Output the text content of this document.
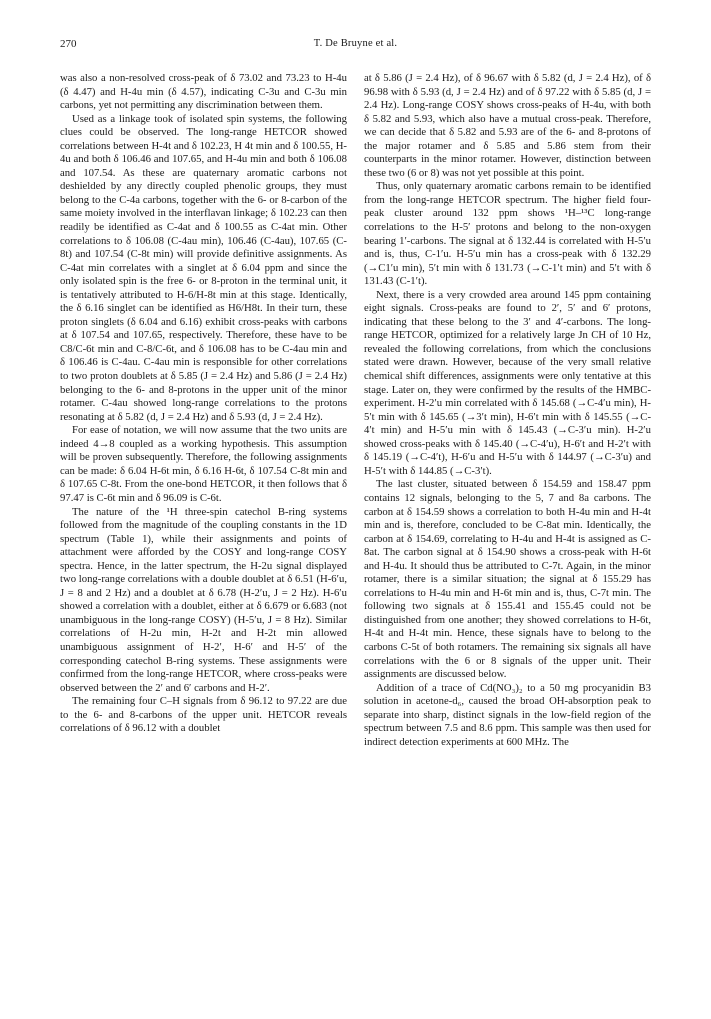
270	T. De Bruyne et al.

was also a non-resolved cross-peak of δ 73.02 and 73.23 to H-4u (δ 4.47) and H-4u min (δ 4.57), indicating C-3u and C-3u min carbons, yet not permitting any discrimination between them.

Used as a linkage took of isolated spin systems, the following clues could be observed. The long-range HETCOR showed correlations between H-4t and δ 102.23, H 4t min and δ 100.55, H-4u and both δ 106.46 and 107.65, and H-4u min and both δ 106.08 and 107.54. As these are quaternary aromatic carbons not deshielded by any directly coupled phenolic groups, they must belong to the C-4a carbons, together with the 6- or 8-carbon of the same moiety involved in the interflavan linkage; δ 102.23 can then readily be identified as C-4at and δ 100.55 as C-4at min. Other correlations to δ 106.08 (C-4au min), 106.46 (C-4au), 107.65 (C-8t) and 107.54 (C-8t min) will provide definitive assignments. As C-4at min correlates with a singlet at δ 6.04 ppm and since the only isolated spin is the free 6- or 8-proton in the terminal unit, it is tentatively attributed to H-6/H-8t min at this stage. Identically, the δ 6.16 singlet can be identified as H6/H8t. In their turn, these proton singlets (δ 6.04 and 6.16) exhibit cross-peaks with carbons at δ 107.54 and 107.65, respectively. Therefore, these have to be C8/C-6t min and C-8/C-6t, and δ 106.08 has to be C-4au min and δ 106.46 is C-4au. C-4au min is responsible for other correlations to two proton doublets at δ 5.85 (J = 2.4 Hz) and 5.86 (J = 2.4 Hz) belonging to the 6- and 8-protons in the upper unit of the minor rotamer. C-4au showed long-range correlations to the protons resonating at δ 5.82 (d, J = 2.4 Hz) and δ 5.93 (d, J = 2.4 Hz).

For ease of notation, we will now assume that the two units are indeed 4→8 coupled as a working hypothesis. This assumption will be proven subsequently. Therefore, the following assignments can be made: δ 6.04 H-6t min, δ 6.16 H-6t, δ 107.54 C-8t min and δ 107.65 C-8t. From the one-bond HETCOR, it then follows that δ 97.47 is C-6t min and δ 96.09 is C-6t.

The nature of the ¹H three-spin catechol B-ring systems followed from the magnitude of the coupling constants in the 1D spectrum (Table 1), while their assignments and points of attachment were afforded by the COSY and long-range COSY spectra. Hence, in the latter spectrum, the H-2u signal displayed two long-range correlations with a double doublet at δ 6.51 (H-6′u, J = 8 and 2 Hz) and a doublet at δ 6.78 (H-2′u, J = 2 Hz). H-6′u showed a correlation with a doublet, either at δ 6.679 or 6.683 (not unambiguous in the long-range COSY) (H-5′u, J = 8 Hz). Similar correlations of H-2u min, H-2t and H-2t min allowed unambiguous assignment of H-2′, H-6′ and H-5′ of the corresponding catechol B-ring systems. These assignments were confirmed from the long-range HETCOR, where cross-peaks were observed between the 2′ and 6′ carbons and H-2′.

The remaining four C–H signals from δ 96.12 to 97.22 are due to the 6- and 8-carbons of the upper unit. HETCOR reveals correlations of δ 96.12 with a doublet

at δ 5.86 (J = 2.4 Hz), of δ 96.67 with δ 5.82 (d, J = 2.4 Hz), of δ 96.98 with δ 5.93 (d, J = 2.4 Hz) and of δ 97.22 with δ 5.85 (d, J = 2.4 Hz). Long-range COSY shows cross-peaks of H-4u, with both δ 5.82 and 5.93, which also have a mutual cross-peak. Therefore, we can decide that δ 5.82 and 5.93 are of the 6- and 8-protons of the major rotamer and δ 5.85 and 5.86 stem from their counterparts in the minor rotamer. However, distinction between these two (6 or 8) was not yet possible at this point.

Thus, only quaternary aromatic carbons remain to be identified from the long-range HETCOR spectrum. The higher field four-peak cluster around 132 ppm shows ¹H–¹³C long-range correlations to the H-5′ protons and belong to the non-oxygen bearing 1′-carbons. The signal at δ 132.44 is correlated with H-5′u and is, thus, C-1′u. H-5′u min has a cross-peak with δ 132.29 (→C1′u min), 5′t min with δ 131.73 (→C-1′t min) and 5′t with δ 131.43 (C-1′t).

Next, there is a very crowded area around 145 ppm containing eight signals. Cross-peaks are found to 2′, 5′ and 6′ protons, indicating that these belong to the 3′ and 4′-carbons. The long-range HETCOR, optimized for a relatively large Jn CH of 10 Hz, revealed the following correlations, from which the conclusions stated were drawn. However, because of the very small relative chemical shift differences, assignments were only tentative at this stage. Later on, they were confirmed by the results of the HMBC-experiment. H-2′u min correlated with δ 145.68 (→C-4′u min), H-5′t min with δ 145.65 (→3′t min), H-6′t min with δ 145.55 (→C-4′t min) and H-5′u min with δ 145.43 (→C-3′u min). H-2′u showed cross-peaks with δ 145.40 (→C-4′u), H-6′t and H-2′t with δ 145.19 (→C-4′t), H-6′u and H-5′u with δ 144.97 (→C-3′u) and H-5′t with δ 144.85 (→C-3′t).

The last cluster, situated between δ 154.59 and 158.47 ppm contains 12 signals, belonging to the 5, 7 and 8a carbons. The carbon at δ 154.59 shows a correlation to both H-4u min and H-4t min and is, therefore, concluded to be C-8at min. Identically, the carbon at δ 154.69, correlating to H-4u and H-4t is assigned as C-8at. The carbon signal at δ 154.90 shows a cross-peak with H-6t and H-4u. It should thus be attributed to C-7t. Again, in the minor rotamer, there is a similar situation; the signal at δ 155.29 has correlations to H-4u min and H-6t min and is, thus, C-7t min. The following two signals at δ 155.41 and 155.45 could not be distinguished from one another; they showed correlations to H-6t, H-4t and H-4t min. Hence, these signals have to belong to the carbons C-5t of both rotamers. The remaining six signals all have correlations with the 6 or 8 signals of the upper unit. Their assignments are discussed below.

Addition of a trace of Cd(NO₃)₂ to a 50 mg procyanidin B3 solution in acetone-d₆, caused the broad OH-absorption peak to separate into sharp, distinct signals in the low-field region of the spectrum between 7.5 and 8.6 ppm. This sample was then used for indirect detection experiments at 600 MHz. The
